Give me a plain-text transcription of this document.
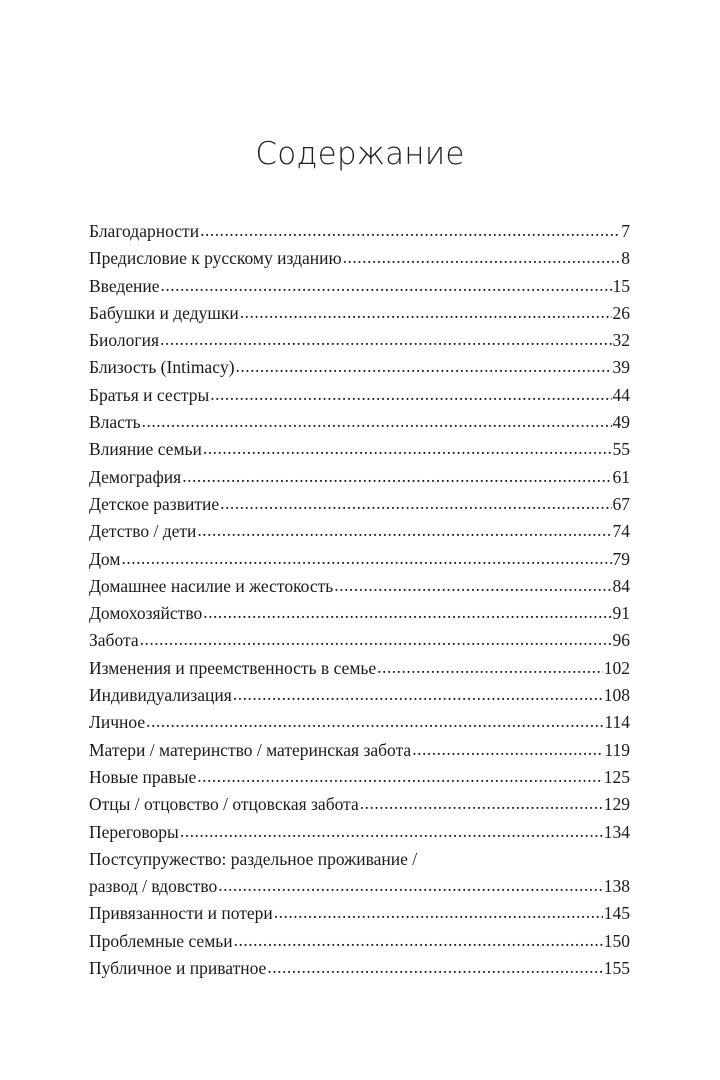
Содержание
Благодарности .....	7
Предисловие к русскому изданию .....	8
Введение .....	15
Бабушки и дедушки .....	26
Биология .....	32
Близость (Intimacy) .....	39
Братья и сестры .....	44
Власть .....	49
Влияние семьи .....	55
Демография .....	61
Детское развитие .....	67
Детство / дети .....	74
Дом .....	79
Домашнее насилие и жестокость .....	84
Домохозяйство .....	91
Забота .....	96
Изменения и преемственность в семье .....	102
Индивидуализация .....	108
Личное .....	114
Матери / материнство / материнская забота .....	119
Новые правые .....	125
Отцы / отцовство / отцовская забота .....	129
Переговоры .....	134
Постсупружество: раздельное проживание /
развод / вдовство .....	138
Привязанности и потери .....	145
Проблемные семьи .....	150
Публичное и приватное .....	155
